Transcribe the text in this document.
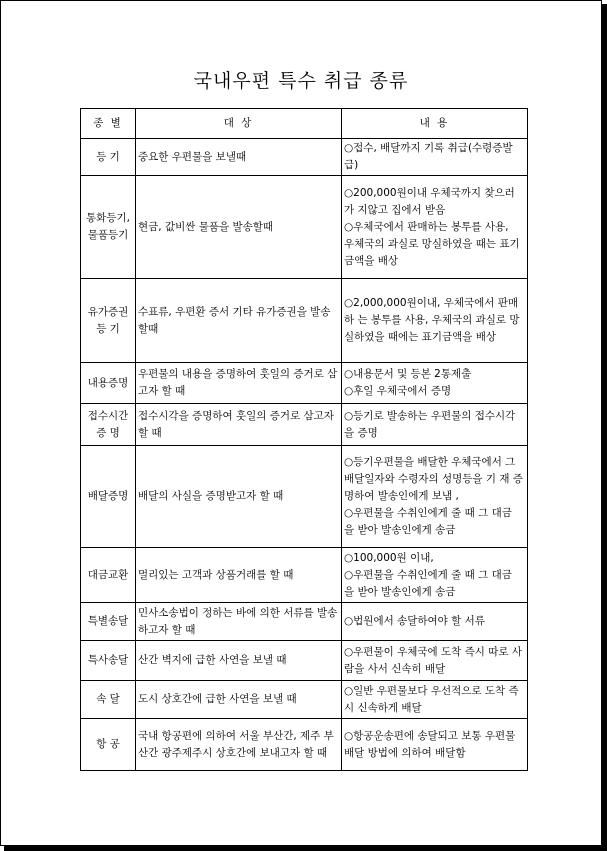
국내우편 특수 취급 종류
종 별	대 상	내 용
등 기	중요한 우편물을 보낼때	○접수, 배달까지 기록 취급(수령증발 급)

통화등기, 물품등기	현금, 값비싼 물품을 발송할때	○200,000원이내 우체국까지 찾으러 가 지않고 집에서 받음
○우체국에서 판매하는 봉투를 사용,
우체국의 과실로 망실하였을 때는 표기금액을 배상

유가증권 등 기	수표류, 우편환 증서 기타 유가증권을 발송할때	○2,000,000원이내, 우체국에서 판매하 는 봉투를 사용, 우체국의 과실로 망 실하였을 때에는 표기금액을 배상

내용증명	우편물의 내용을 증명하여 훗일의 증거로 삼고자 할 때	○내용문서 및 등본 2통제출
○후일 우체국에서 증명

접수시간 증 명	접수시각을 증명하여 훗일의 증거로 삼고자 할 때	○등기로 발송하는 우편물의 접수시각 을 증명

배달증명	배달의 사실을 증명받고자 할 때	○등기우편물을 배달한 우체국에서 그 배달일자와 수령자의 성명등을 기 재 증명하여 발송인에게 보냄 ,
○우편물을 수취인에게 줄 때 그 대금 을 받아 발송인에게 송금

대금교환	멀리있는 고객과 상품거래를 할 때	○100,000원 이내,
○우편물을 수취인에게 줄 때 그 대금 을 받아 발송인에게 송금

특별송달	민사소송법이 정하는 바에 의한 서류를 발송하고자 할 때	○법원에서 송달하여야 할 서류

특사송달	산간 벽지에 급한 사연을 보낼 때	○우편물이 우체국에 도착 즉시 따로 사람을 사서 신속히 배달

속 달	도시 상호간에 급한 사연을 보낼 때	○일반 우편물보다 우선적으로 도착 즉시 신속하게 배달

항 공	국내 항공편에 의하여 서울 부산간, 제주 부산간 광주제주시 상호간에 보내고자 할 때	○항공운송편에 송달되고 보통 우편물 배달 방법에 의하여 배달함
